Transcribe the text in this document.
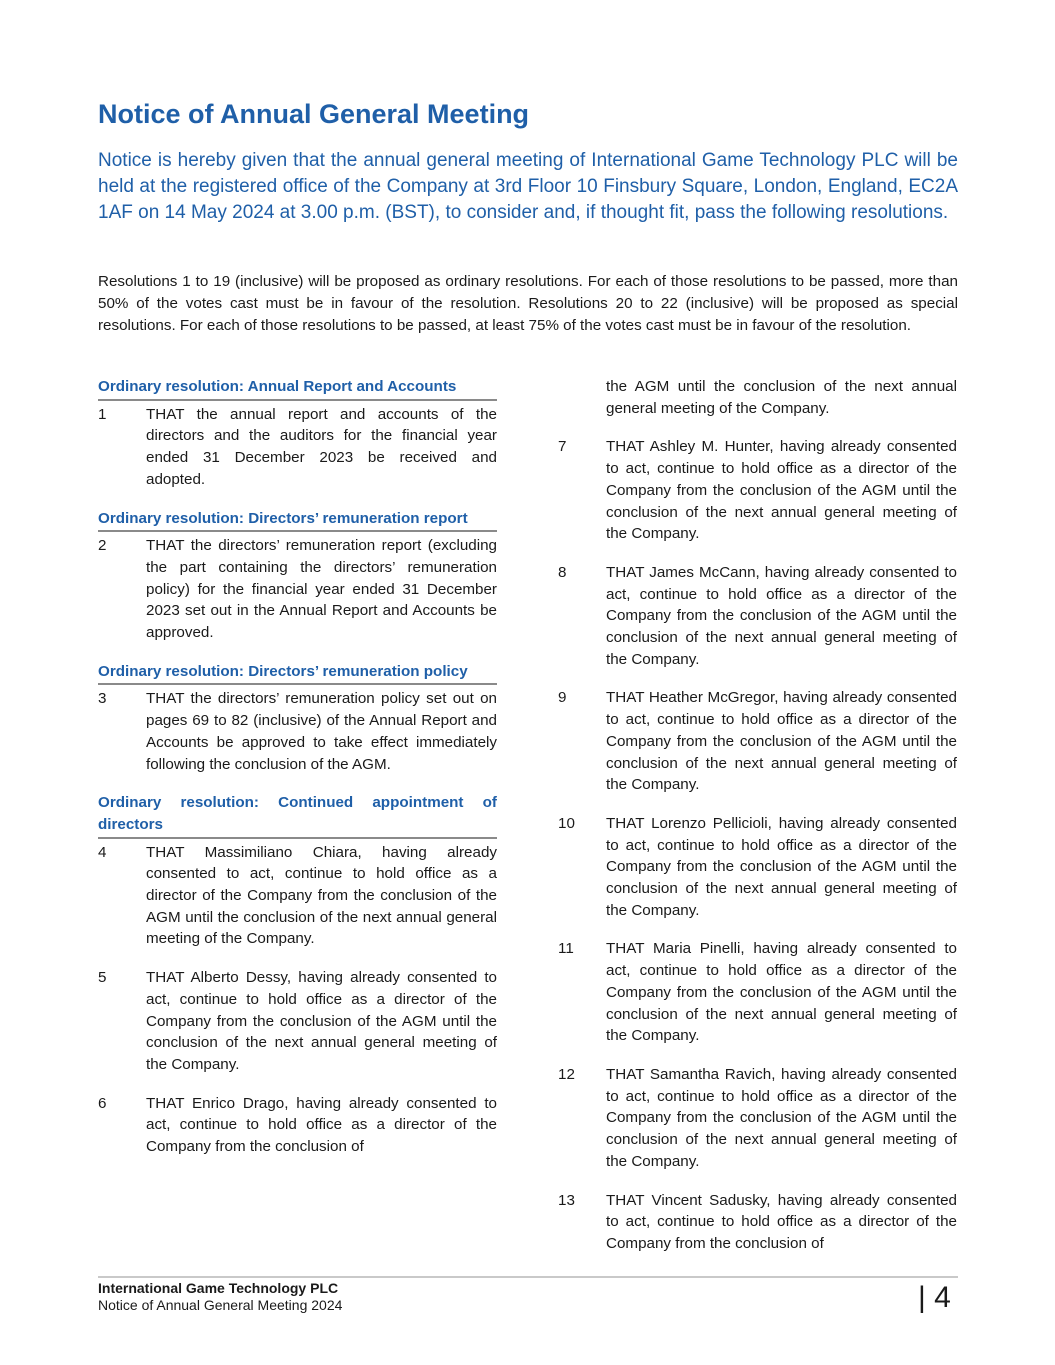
Notice of Annual General Meeting

Notice is hereby given that the annual general meeting of International Game Technology PLC will be held at the registered office of the Company at 3rd Floor 10 Finsbury Square, London, England, EC2A 1AF on 14 May 2024 at 3.00 p.m. (BST), to consider and, if thought fit, pass the following resolutions.

Resolutions 1 to 19 (inclusive) will be proposed as ordinary resolutions. For each of those resolutions to be passed, more than 50% of the votes cast must be in favour of the resolution. Resolutions 20 to 22 (inclusive) will be proposed as special resolutions. For each of those resolutions to be passed, at least 75% of the votes cast must be in favour of the resolution.

Ordinary resolution: Annual Report and Accounts
1	THAT the annual report and accounts of the directors and the auditors for the financial year ended 31 December 2023 be received and adopted.
Ordinary resolution: Directors’ remuneration report
2	THAT the directors’ remuneration report (excluding the part containing the directors’ remuneration policy) for the financial year ended 31 December 2023 set out in the Annual Report and Accounts be approved.
Ordinary resolution: Directors’ remuneration policy
3	THAT the directors’ remuneration policy set out on pages 69 to 82 (inclusive) of the Annual Report and Accounts be approved to take effect immediately following the conclusion of the AGM.
Ordinary resolution: Continued appointment of directors
4	THAT Massimiliano Chiara, having already consented to act, continue to hold office as a director of the Company from the conclusion of the AGM until the conclusion of the next annual general meeting of the Company.
5	THAT Alberto Dessy, having already consented to act, continue to hold office as a director of the Company from the conclusion of the AGM until the conclusion of the next annual general meeting of the Company.
6	THAT Enrico Drago, having already consented to act, continue to hold office as a director of the Company from the conclusion of
the AGM until the conclusion of the next annual general meeting of the Company.
7	THAT Ashley M. Hunter, having already consented to act, continue to hold office as a director of the Company from the conclusion of the AGM until the conclusion of the next annual general meeting of the Company.
8	THAT James McCann, having already consented to act, continue to hold office as a director of the Company from the conclusion of the AGM until the conclusion of the next annual general meeting of the Company.
9	THAT Heather McGregor, having already consented to act, continue to hold office as a director of the Company from the conclusion of the AGM until the conclusion of the next annual general meeting of the Company.
10	THAT Lorenzo Pellicioli, having already consented to act, continue to hold office as a director of the Company from the conclusion of the AGM until the conclusion of the next annual general meeting of the Company.
11	THAT Maria Pinelli, having already consented to act, continue to hold office as a director of the Company from the conclusion of the AGM until the conclusion of the next annual general meeting of the Company.
12	THAT Samantha Ravich, having already consented to act, continue to hold office as a director of the Company from the conclusion of the AGM until the conclusion of the next annual general meeting of the Company.
13	THAT Vincent Sadusky, having already consented to act, continue to hold office as a director of the Company from the conclusion of
International Game Technology PLC
Notice of Annual General Meeting 2024	| 4
